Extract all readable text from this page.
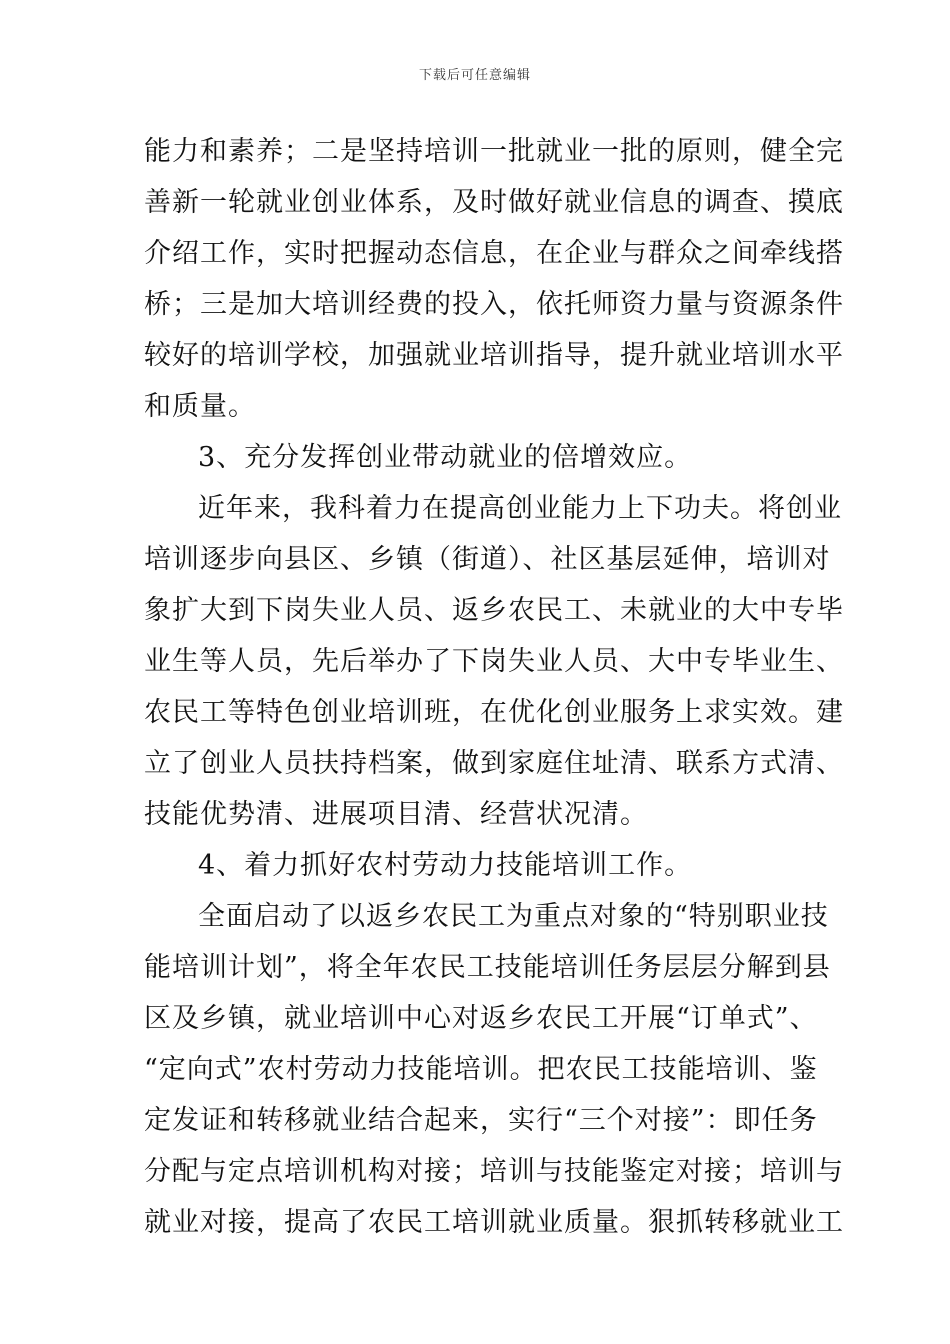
下载后可任意编辑
能力和素养；二是坚持培训一批就业一批的原则，健全完
善新一轮就业创业体系，及时做好就业信息的调查、摸底
介绍工作，实时把握动态信息，在企业与群众之间牵线搭
桥；三是加大培训经费的投入，依托师资力量与资源条件
较好的培训学校，加强就业培训指导，提升就业培训水平
和质量。
3、充分发挥创业带动就业的倍增效应。
近年来，我科着力在提高创业能力上下功夫。将创业
培训逐步向县区、乡镇（街道）、社区基层延伸，培训对
象扩大到下岗失业人员、返乡农民工、未就业的大中专毕
业生等人员，先后举办了下岗失业人员、大中专毕业生、
农民工等特色创业培训班，在优化创业服务上求实效。建
立了创业人员扶持档案，做到家庭住址清、联系方式清、
技能优势清、进展项目清、经营状况清。
4、着力抓好农村劳动力技能培训工作。
全面启动了以返乡农民工为重点对象的“特别职业技
能培训计划”，将全年农民工技能培训任务层层分解到县
区及乡镇，就业培训中心对返乡农民工开展“订单式”、
“定向式”农村劳动力技能培训。把农民工技能培训、鉴
定发证和转移就业结合起来，实行“三个对接”：即任务
分配与定点培训机构对接；培训与技能鉴定对接；培训与
就业对接，提高了农民工培训就业质量。狠抓转移就业工
